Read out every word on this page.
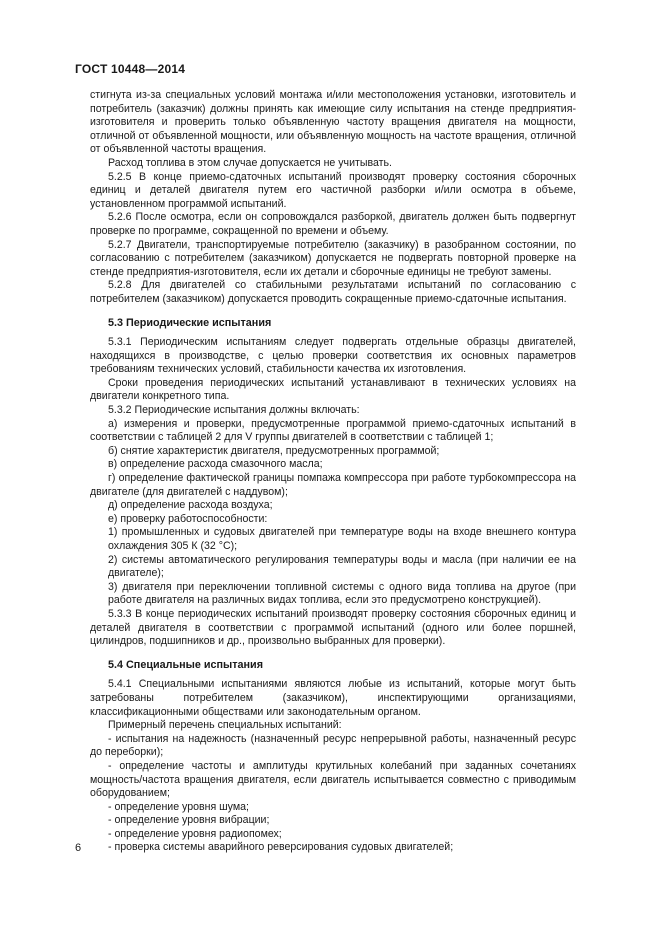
ГОСТ 10448—2014

стигнута из-за специальных условий монтажа и/или местоположения установки, изготовитель и потребитель (заказчик) должны принять как имеющие силу испытания на стенде предприятия-изготовителя и проверить только объявленную частоту вращения двигателя на мощности, отличной от объявленной мощности, или объявленную мощность на частоте вращения, отличной от объявленной частоты вращения.

Расход топлива в этом случае допускается не учитывать.

5.2.5 В конце приемо-сдаточных испытаний производят проверку состояния сборочных единиц и деталей двигателя путем его частичной разборки и/или осмотра в объеме, установленном программой испытаний.

5.2.6 После осмотра, если он сопровождался разборкой, двигатель должен быть подвергнут проверке по программе, сокращенной по времени и объему.

5.2.7 Двигатели, транспортируемые потребителю (заказчику) в разобранном состоянии, по согласованию с потребителем (заказчиком) допускается не подвергать повторной проверке на стенде предприятия-изготовителя, если их детали и сборочные единицы не требуют замены.

5.2.8 Для двигателей со стабильными результатами испытаний по согласованию с потребителем (заказчиком) допускается проводить сокращенные приемо-сдаточные испытания.

5.3 Периодические испытания

5.3.1 Периодическим испытаниям следует подвергать отдельные образцы двигателей, находящихся в производстве, с целью проверки соответствия их основных параметров требованиям технических условий, стабильности качества их изготовления.

Сроки проведения периодических испытаний устанавливают в технических условиях на двигатели конкретного типа.

5.3.2 Периодические испытания должны включать:

а) измерения и проверки, предусмотренные программой приемо-сдаточных испытаний в соответствии с таблицей 2 для V группы двигателей в соответствии с таблицей 1;

б) снятие характеристик двигателя, предусмотренных программой;

в) определение расхода смазочного масла;

г) определение фактической границы помпажа компрессора при работе турбокомпрессора на двигателе (для двигателей с наддувом);

д) определение расхода воздуха;

е) проверку работоспособности:

1) промышленных и судовых двигателей при температуре воды на входе внешнего контура охлаждения 305 К (32 °С);

2) системы автоматического регулирования температуры воды и масла (при наличии ее на двигателе);

3) двигателя при переключении топливной системы с одного вида топлива на другое (при работе двигателя на различных видах топлива, если это предусмотрено конструкцией).

5.3.3 В конце периодических испытаний производят проверку состояния сборочных единиц и деталей двигателя в соответствии с программой испытаний (одного или более поршней, цилиндров, подшипников и др., произвольно выбранных для проверки).

5.4 Специальные испытания

5.4.1 Специальными испытаниями являются любые из испытаний, которые могут быть затребованы потребителем (заказчиком), инспектирующими организациями, классификационными обществами или законодательным органом.

Примерный перечень специальных испытаний:

- испытания на надежность (назначенный ресурс непрерывной работы, назначенный ресурс до переборки);

- определение частоты и амплитуды крутильных колебаний при заданных сочетаниях мощность/частота вращения двигателя, если двигатель испытывается совместно с приводимым оборудованием;

- определение уровня шума;

- определение уровня вибрации;

- определение уровня радиопомех;

- проверка системы аварийного реверсирования судовых двигателей;

6
